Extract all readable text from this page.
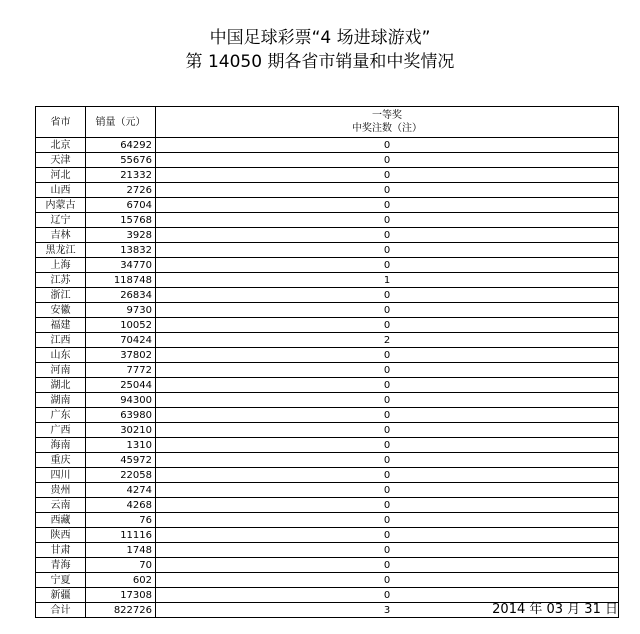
中国足球彩票“4 场进球游戏”
第 14050 期各省市销量和中奖情况
省市	销量（元）	一等奖
中奖注数（注）

北京	64292	0
天津	55676	0
河北	21332	0
山西	2726	0
内蒙古	6704	0
辽宁	15768	0
吉林	3928	0
黑龙江	13832	0
上海	34770	0
江苏	118748	1
浙江	26834	0
安徽	9730	0
福建	10052	0
江西	70424	2
山东	37802	0
河南	7772	0
湖北	25044	0
湖南	94300	0
广东	63980	0
广西	30210	0
海南	1310	0
重庆	45972	0
四川	22058	0
贵州	4274	0
云南	4268	0
西藏	76	0
陕西	11116	0
甘肃	1748	0
青海	70	0
宁夏	602	0
新疆	17308	0
合计	822726	3	2014 年 03 月 31 日
